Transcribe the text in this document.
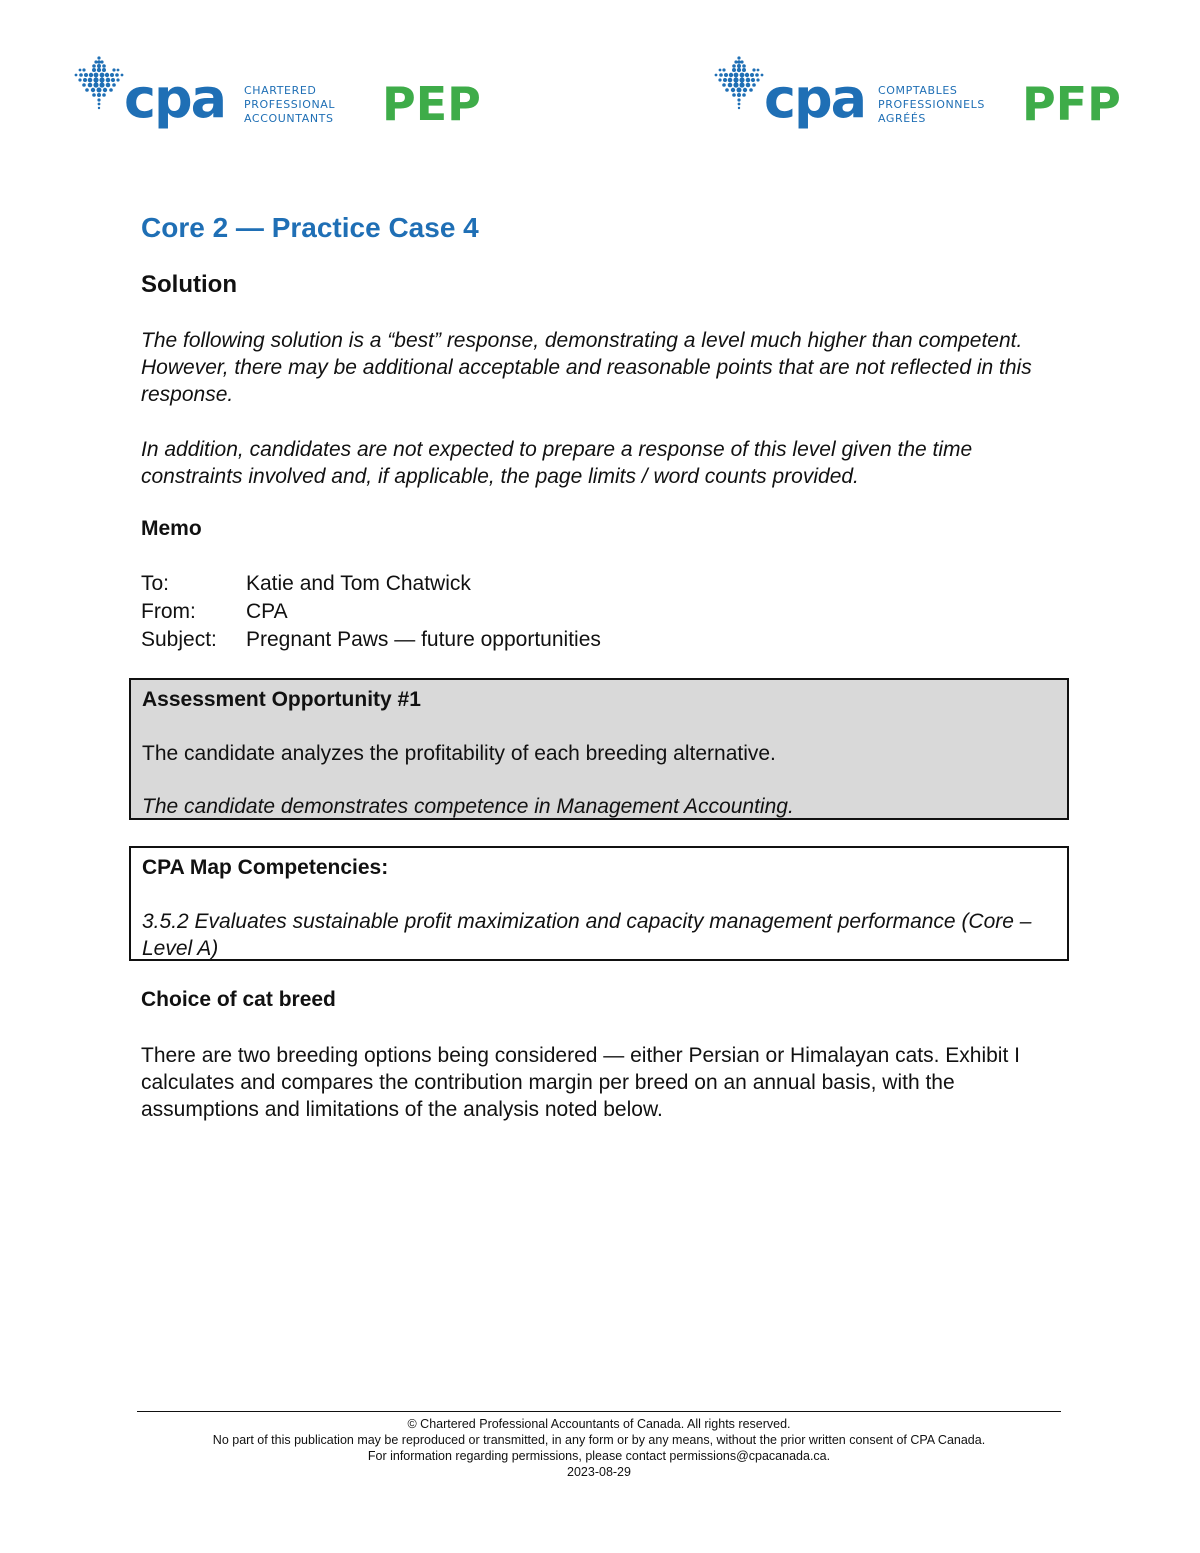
cpa CHARTERED
PROFESSIONAL
ACCOUNTANTS PEP	cpa COMPTABLES
PROFESSIONNELS
AGRÉÉS	PFP
Core 2 — Practice Case 4
Solution

The following solution is a “best” response, demonstrating a level much higher than competent. However, there may be additional acceptable and reasonable points that are not reflected in this response.

In addition, candidates are not expected to prepare a response of this level given the time constraints involved and, if applicable, the page limits / word counts provided.

Memo
To:	Katie and Tom Chatwick
From:	CPA
Subject:	Pregnant Paws — future opportunities

Assessment Opportunity #1

The candidate analyzes the profitability of each breeding alternative.

The candidate demonstrates competence in Management Accounting.

CPA Map Competencies:

3.5.2 Evaluates sustainable profit maximization and capacity management performance (Core – Level A)

Choice of cat breed

There are two breeding options being considered — either Persian or Himalayan cats. Exhibit I calculates and compares the contribution margin per breed on an annual basis, with the assumptions and limitations of the analysis noted below.

© Chartered Professional Accountants of Canada. All rights reserved.
No part of this publication may be reproduced or transmitted, in any form or by any means, without the prior written consent of CPA Canada.
For information regarding permissions, please contact permissions@cpacanada.ca.
2023-08-29
